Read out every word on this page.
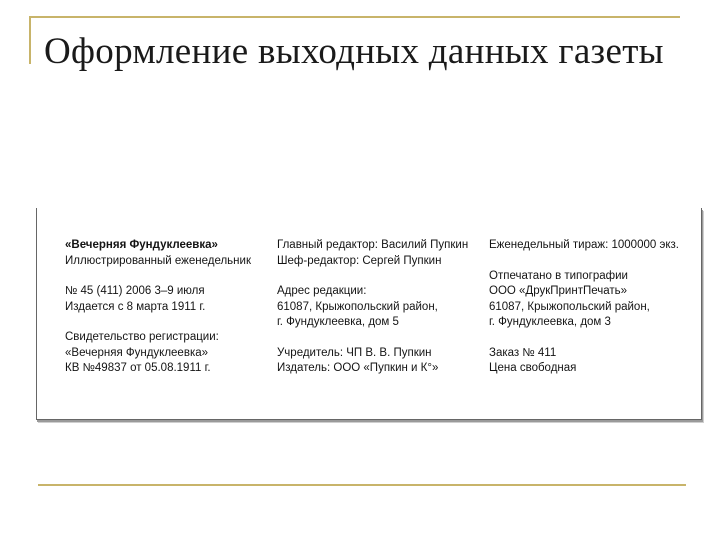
Оформление выходных данных газеты
«Вечерняя Фундуклеевка»
Иллюстрированный еженедельник
№ 45 (411) 2006 3–9 июля
Издается с 8 марта 1911 г.
Свидетельство регистрации:
«Вечерняя Фундуклеевка»
КВ №49837 от 05.08.1911 г.
Главный редактор: Василий Пупкин
Шеф-редактор: Сергей Пупкин
Адрес редакции:
61087, Крыжопольский район,
г. Фундуклеевка, дом 5
Учредитель: ЧП В. В. Пупкин
Издатель: ООО «Пупкин и К°»
Еженедельный тираж: 1000000 экз.
Отпечатано в типографии
ООО «ДрукПринтПечать»
61087, Крыжопольский район,
г. Фундуклеевка, дом 3
Заказ № 411
Цена свободная
